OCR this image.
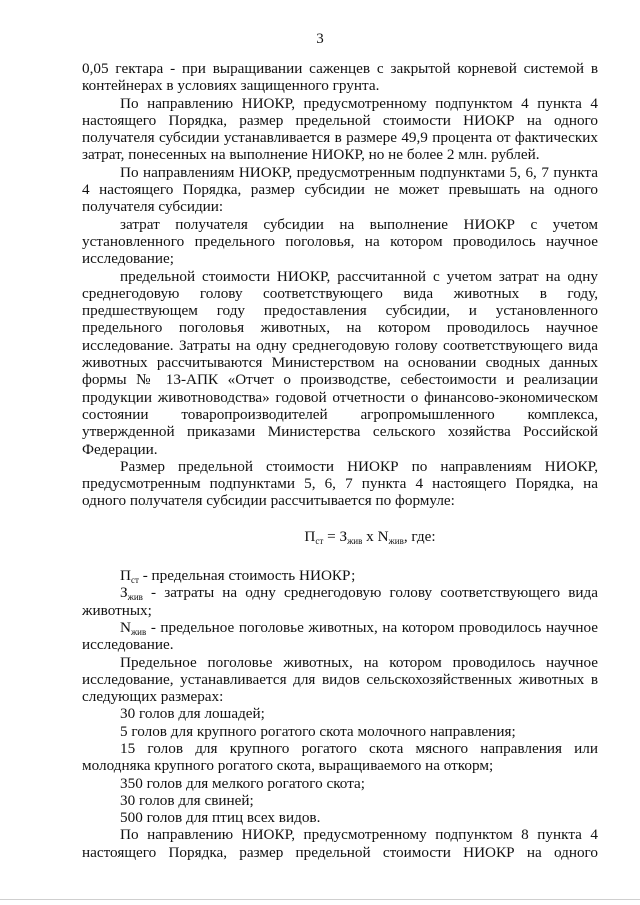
3

0,05 гектара - при выращивании саженцев с закрытой корневой системой в контейнерах в условиях защищенного грунта.

По направлению НИОКР, предусмотренному подпунктом 4 пункта 4 настоящего Порядка, размер предельной стоимости НИОКР на одного получателя субсидии устанавливается в размере 49,9 процента от фактических затрат, понесенных на выполнение НИОКР, но не более 2 млн. рублей.

По направлениям НИОКР, предусмотренным подпунктами 5, 6, 7 пункта 4 настоящего Порядка, размер субсидии не может превышать на одного получателя субсидии:

затрат получателя субсидии на выполнение НИОКР с учетом установленного предельного поголовья, на котором проводилось научное исследование;

предельной стоимости НИОКР, рассчитанной с учетом затрат на одну среднегодовую голову соответствующего вида животных в году, предшествующем году предоставления субсидии, и установленного предельного поголовья животных, на котором проводилось научное исследование. Затраты на одну среднегодовую голову соответствующего вида животных рассчитываются Министерством на основании сводных данных формы № 13-АПК «Отчет о производстве, себестоимости и реализации продукции животноводства» годовой отчетности о финансово-экономическом состоянии товаропроизводителей агропромышленного комплекса, утвержденной приказами Министерства сельского хозяйства Российской Федерации.

Размер предельной стоимости НИОКР по направлениям НИОКР, предусмотренным подпунктами 5, 6, 7 пункта 4 настоящего Порядка, на одного получателя субсидии рассчитывается по формуле:

$П_{ст} = З_{жив}$ х $N_{жив}$, где:

$П_{ст}$ - предельная стоимость НИОКР;

$З_{жив}$ - затраты на одну среднегодовую голову соответствующего вида животных;

$N_{жив}$ - предельное поголовье животных, на котором проводилось научное исследование.

Предельное поголовье животных, на котором проводилось научное исследование, устанавливается для видов сельскохозяйственных животных в следующих размерах:

30 голов для лошадей;

5 голов для крупного рогатого скота молочного направления;

15 голов для крупного рогатого скота мясного направления или молодняка крупного рогатого скота, выращиваемого на откорм;

350 голов для мелкого рогатого скота;

30 голов для свиней;

500 голов для птиц всех видов.

По направлению НИОКР, предусмотренному подпунктом 8 пункта 4 настоящего Порядка, размер предельной стоимости НИОКР на одного
